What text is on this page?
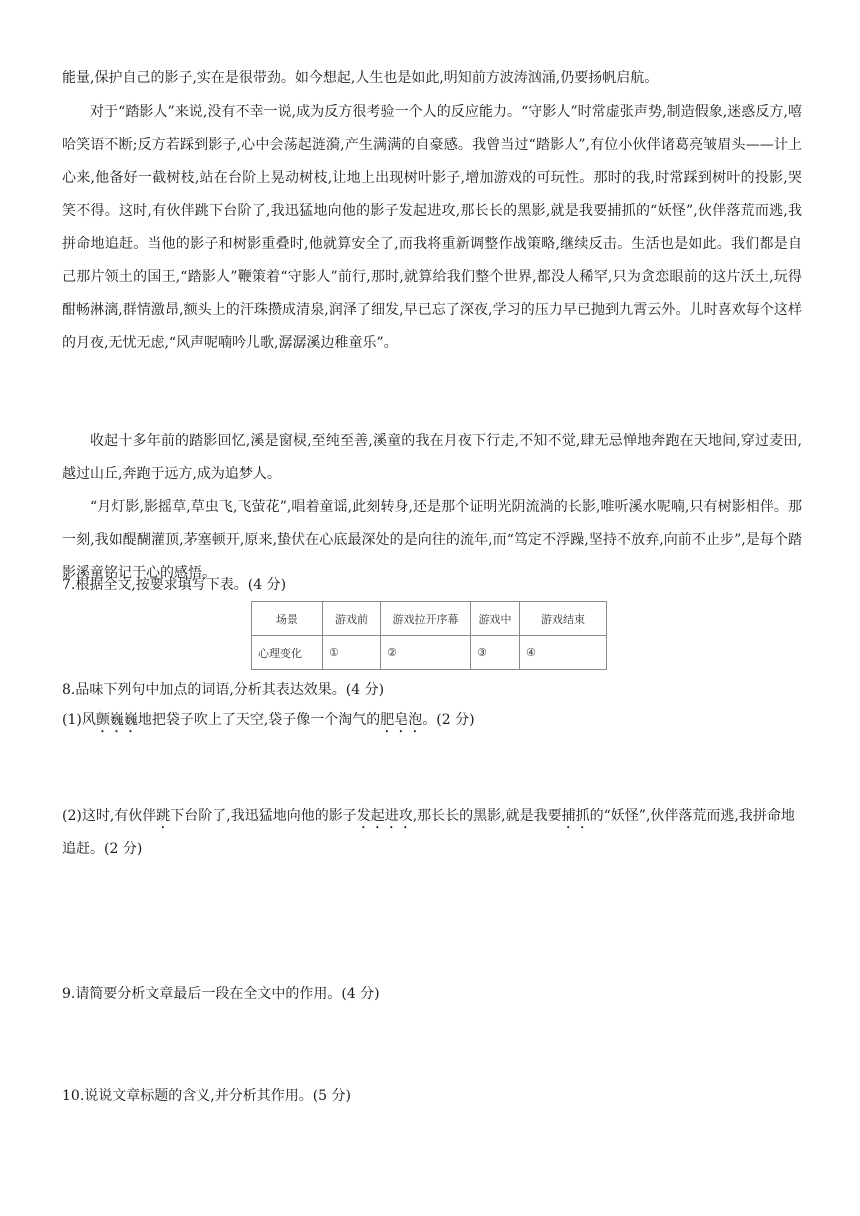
能量,保护自己的影子,实在是很带劲。如今想起,人生也是如此,明知前方波涛汹涌,仍要扬帆启航。

对于“踏影人”来说,没有不幸一说,成为反方很考验一个人的反应能力。“守影人”时常虚张声势,制造假象,迷惑反方,嘻哈笑语不断;反方若踩到影子,心中会荡起涟漪,产生满满的自豪感。我曾当过“踏影人”,有位小伙伴诸葛亮皱眉头——计上心来,他备好一截树枝,站在台阶上晃动树枝,让地上出现树叶影子,增加游戏的可玩性。那时的我,时常踩到树叶的投影,哭笑不得。这时,有伙伴跳下台阶了,我迅猛地向他的影子发起进攻,那长长的黑影,就是我要捕抓的“妖怪”,伙伴落荒而逃,我拼命地追赶。当他的影子和树影重叠时,他就算安全了,而我将重新调整作战策略,继续反击。生活也是如此。我们都是自己那片领土的国王,“踏影人”鞭策着“守影人”前行,那时,就算给我们整个世界,都没人稀罕,只为贪恋眼前的这片沃土,玩得酣畅淋漓,群情激昂,额头上的汗珠攒成清泉,润泽了细发,早已忘了深夜,学习的压力早已抛到九霄云外。儿时喜欢每个这样的月夜,无忧无虑,“风声呢喃吟儿歌,潺潺溪边稚童乐”。

收起十多年前的踏影回忆,溪是窗棂,至纯至善,溪童的我在月夜下行走,不知不觉,肆无忌惮地奔跑在天地间,穿过麦田,越过山丘,奔跑于远方,成为追梦人。

“月灯影,影摇草,草虫飞,飞萤花”,唱着童谣,此刻转身,还是那个证明光阴流淌的长影,唯听溪水呢喃,只有树影相伴。那一刻,我如醍醐灌顶,茅塞顿开,原来,蛰伏在心底最深处的是向往的流年,而“笃定不浮躁,坚持不放弃,向前不止步”,是每个踏影溪童铭记于心的感悟。

7.根据全文,按要求填写下表。(4 分)

场景	游戏前	游戏拉开序幕	游戏中	游戏结束
心理变化	①	②	③	④

8.品味下列句中加点的词语,分析其表达效果。(4 分)

(1)风颤巍巍地把袋子吹上了天空,袋子像一个淘气的肥皂泡。(2 分)

(2)这时,有伙伴跳下台阶了,我迅猛地向他的影子发起进攻,那长长的黑影,就是我要捕抓的“妖怪”,伙伴落荒而逃,我拼命地追赶。(2 分)

9.请简要分析文章最后一段在全文中的作用。(4 分)

10.说说文章标题的含义,并分析其作用。(5 分)
